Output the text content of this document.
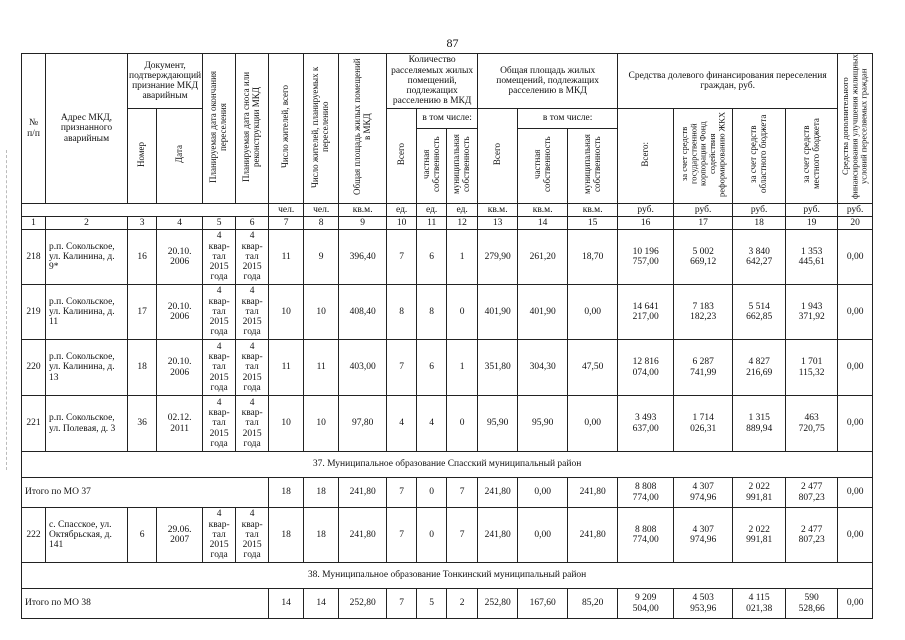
87
№
п/п	Адрес МКД, признанного аварийным	Документ, подтверждающий признание МКД аварийным		Планируемая дата окончания переселения	Планируемая дата сноса или реконструкции МКД	Число жителей, всего	Число жителей, планируемых к переселению	Общая площадь жилых помещений в МКД	Количество расселяемых жилых помещений, подлежащих расселению в МКД			Общая площадь жилых помещений, подлежащих расселению в МКД			Средства долевого финансирования переселения граждан, руб.				Средства дополнительного финансирования улучшения жилищных условий переселяемых граждан
		Номер	Дата						Всего	в том числе:		Всего	в том числе:		Всего:	за счет средств государственной корпорации Фонд содействия реформированию ЖКХ	за счет средств областного бюджета	за счет средств местного бюджета	
										частная собственность	муниципальная собственность		частная собственность	муниципальная собственность					
						чел.	чел.	кв.м.	ед.	ед.	ед.	кв.м.	кв.м.	кв.м.	руб.	руб.	руб.	руб.	руб.
1	2	3	4	5	6	7	8	9	10	11	12	13	14	15	16	17	18	19	20
218	р.п. Сокольское, ул. Калинина, д. 9*	16	20.10.
2006	4
квар-
тал
2015
года	4
квар-
тал
2015
года	11	9	396,40	7	6	1	279,90	261,20	18,70	10 196
757,00	5 002
669,12	3 840
642,27	1 353
445,61	0,00
219	р.п. Сокольское, ул. Калинина, д. 11	17	20.10.
2006	4
квар-
тал
2015
года	4
квар-
тал
2015
года	10	10	408,40	8	8	0	401,90	401,90	0,00	14 641
217,00	7 183
182,23	5 514
662,85	1 943
371,92	0,00
220	р.п. Сокольское, ул. Калинина, д. 13	18	20.10.
2006	4
квар-
тал
2015
года	4
квар-
тал
2015
года	11	11	403,00	7	6	1	351,80	304,30	47,50	12 816
074,00	6 287
741,99	4 827
216,69	1 701
115,32	0,00
221	р.п. Сокольское, ул. Полевая, д. 3	36	02.12.
2011	4
квар-
тал
2015
года	4
квар-
тал
2015
года	10	10	97,80	4	4	0	95,90	95,90	0,00	3 493
637,00	1 714
026,31	1 315
889,94	463
720,75	0,00
37. Муниципальное образование Спасский муниципальный район																			
Итого по МО 37						18	18	241,80	7	0	7	241,80	0,00	241,80	8 808
774,00	4 307
974,96	2 022
991,81	2 477
807,23	0,00
222	с. Спасское, ул. Октябрьская, д. 141	6	29.06.
2007	4
квар-
тал
2015
года	4
квар-
тал
2015
года	18	18	241,80	7	0	7	241,80	0,00	241,80	8 808
774,00	4 307
974,96	2 022
991,81	2 477
807,23	0,00
38. Муниципальное образование Тонкинский муниципальный район																			
Итого по МО 38						14	14	252,80	7	5	2	252,80	167,60	85,20	9 209
504,00	4 503
953,96	4 115
021,38	590
528,66	0,00
